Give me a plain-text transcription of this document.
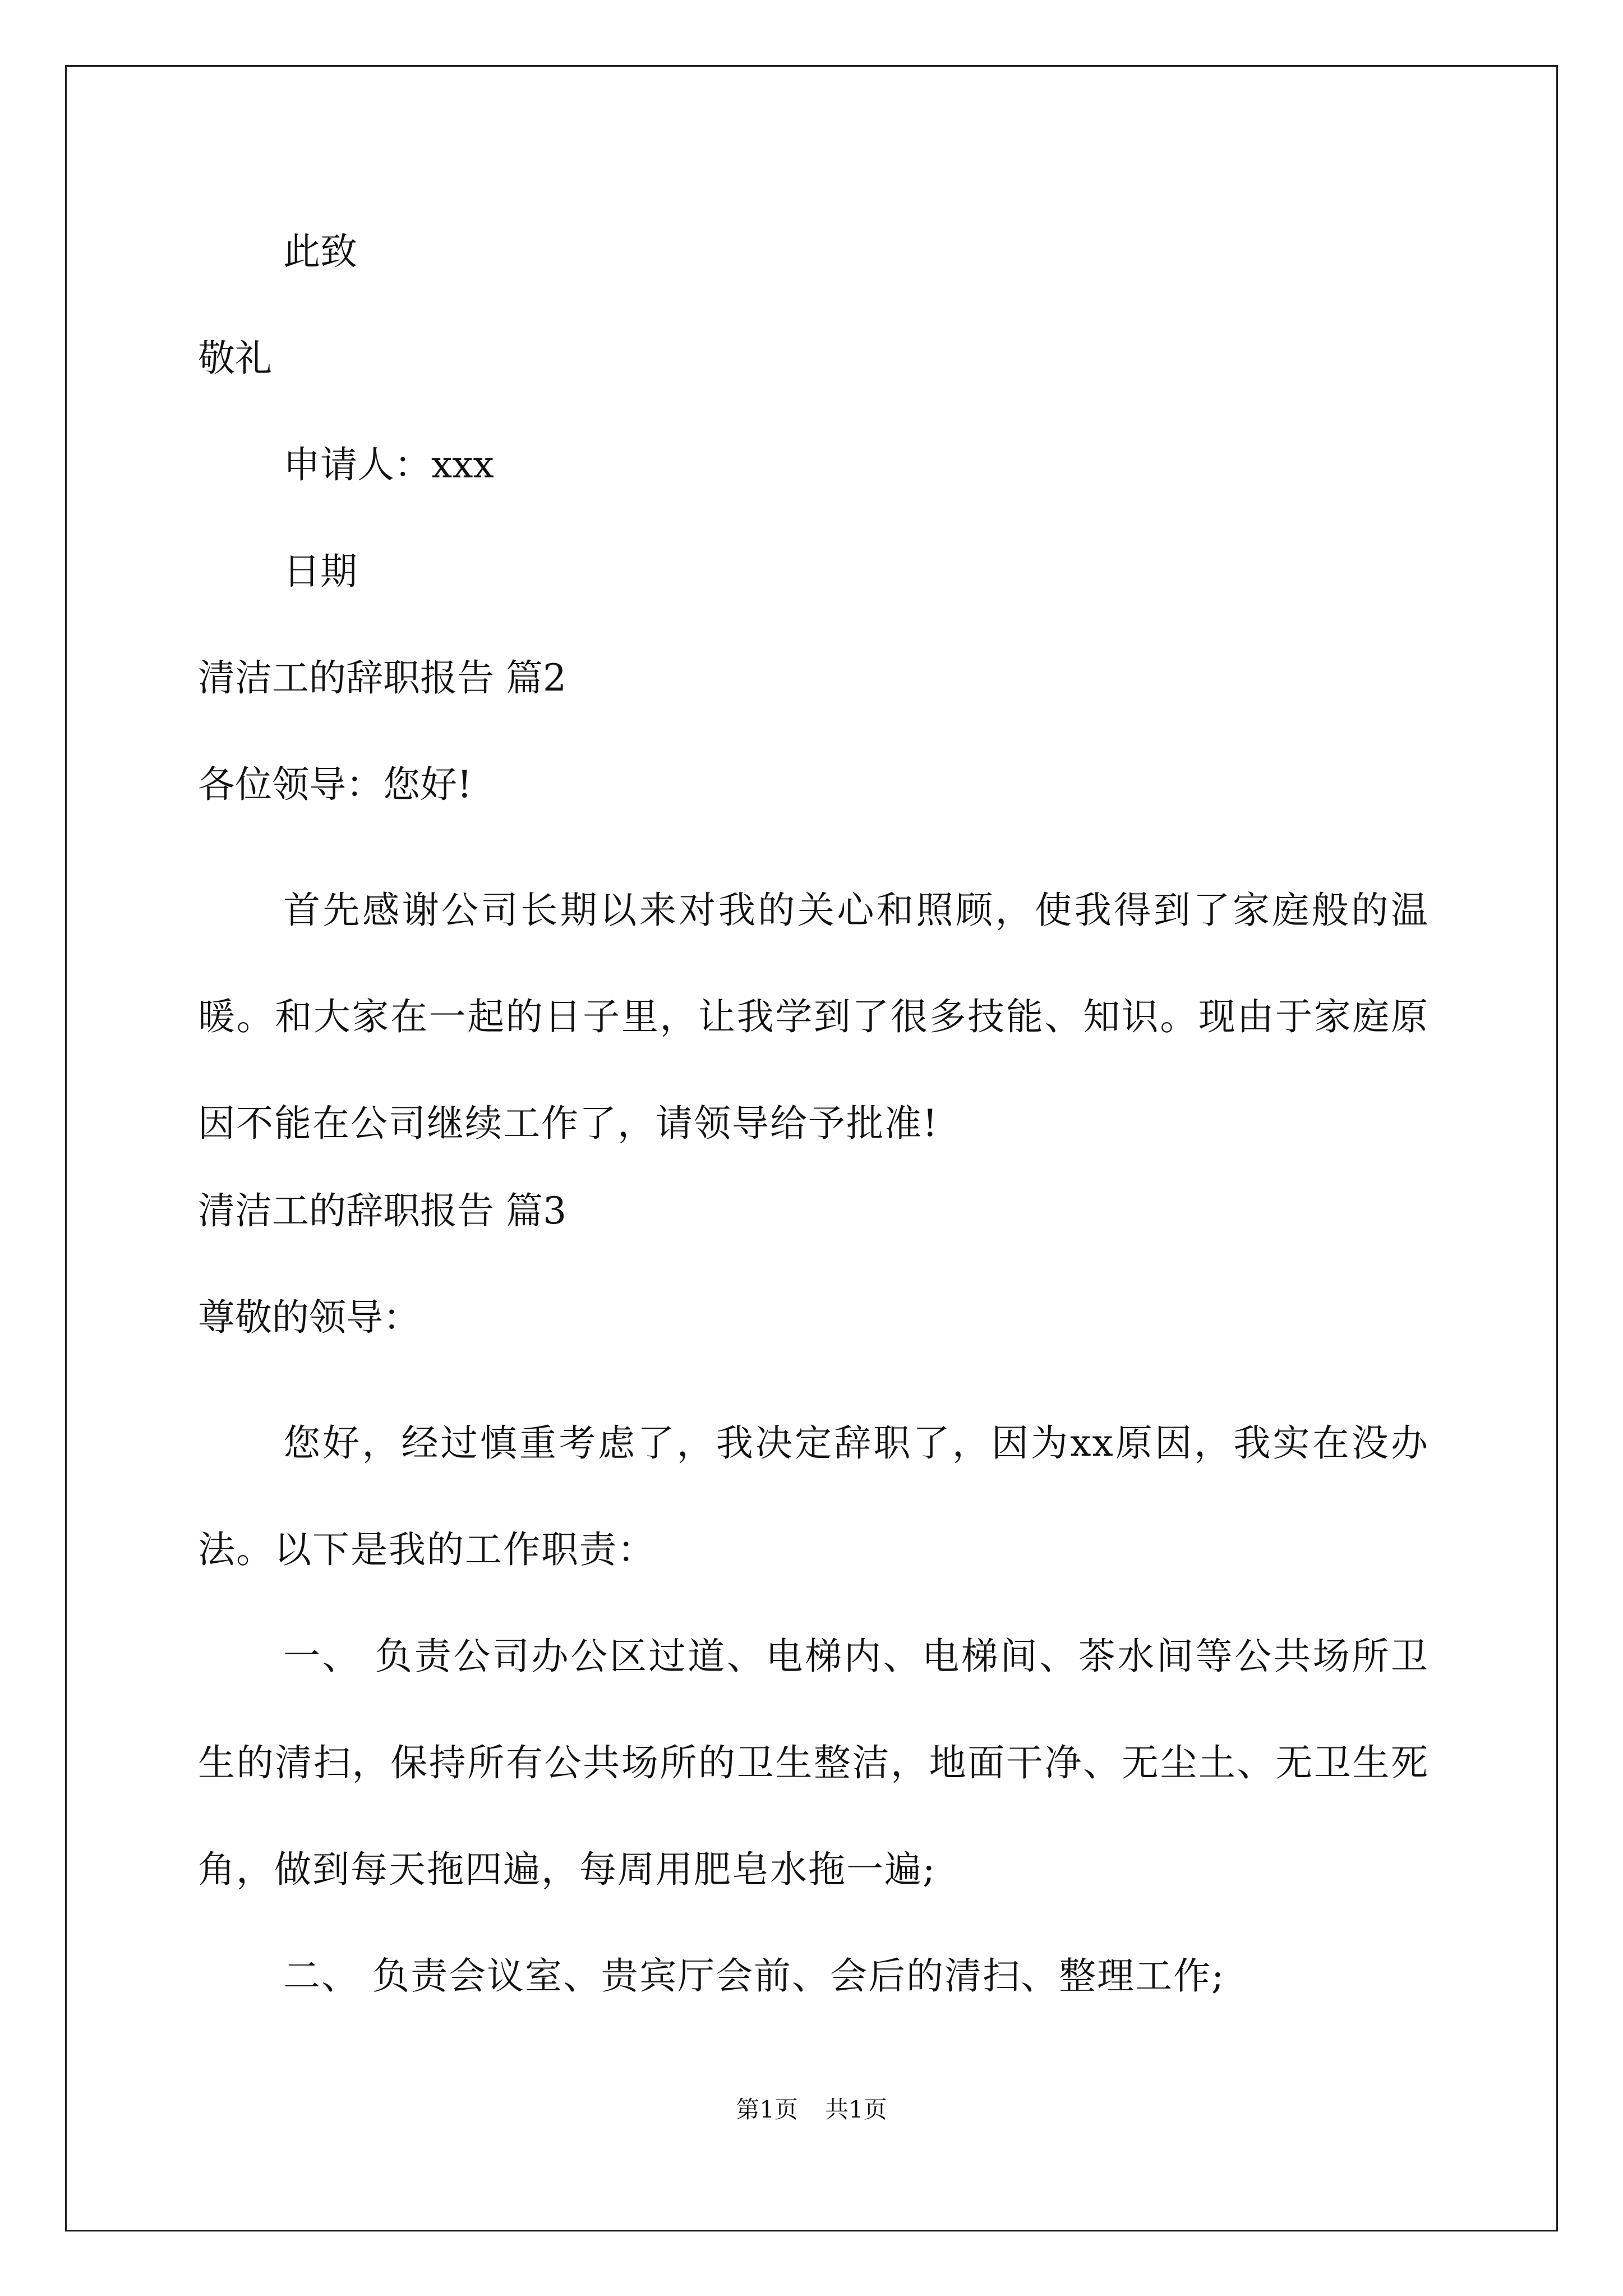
此致
敬礼
申请人：xxx
日期
清洁工的辞职报告 篇2
各位领导：您好!
首先感谢公司长期以来对我的关心和照顾，使我得到了家庭般的温暖。和大家在一起的日子里，让我学到了很多技能、知识。现由于家庭原因不能在公司继续工作了，请领导给予批准!
清洁工的辞职报告 篇3
尊敬的领导：
您好，经过慎重考虑了，我决定辞职了，因为xx原因，我实在没办法。以下是我的工作职责：
一、 负责公司办公区过道、电梯内、电梯间、茶水间等公共场所卫生的清扫，保持所有公共场所的卫生整洁，地面干净、无尘土、无卫生死角，做到每天拖四遍，每周用肥皂水拖一遍;
二、 负责会议室、贵宾厅会前、会后的清扫、整理工作;
第1页 共1页
